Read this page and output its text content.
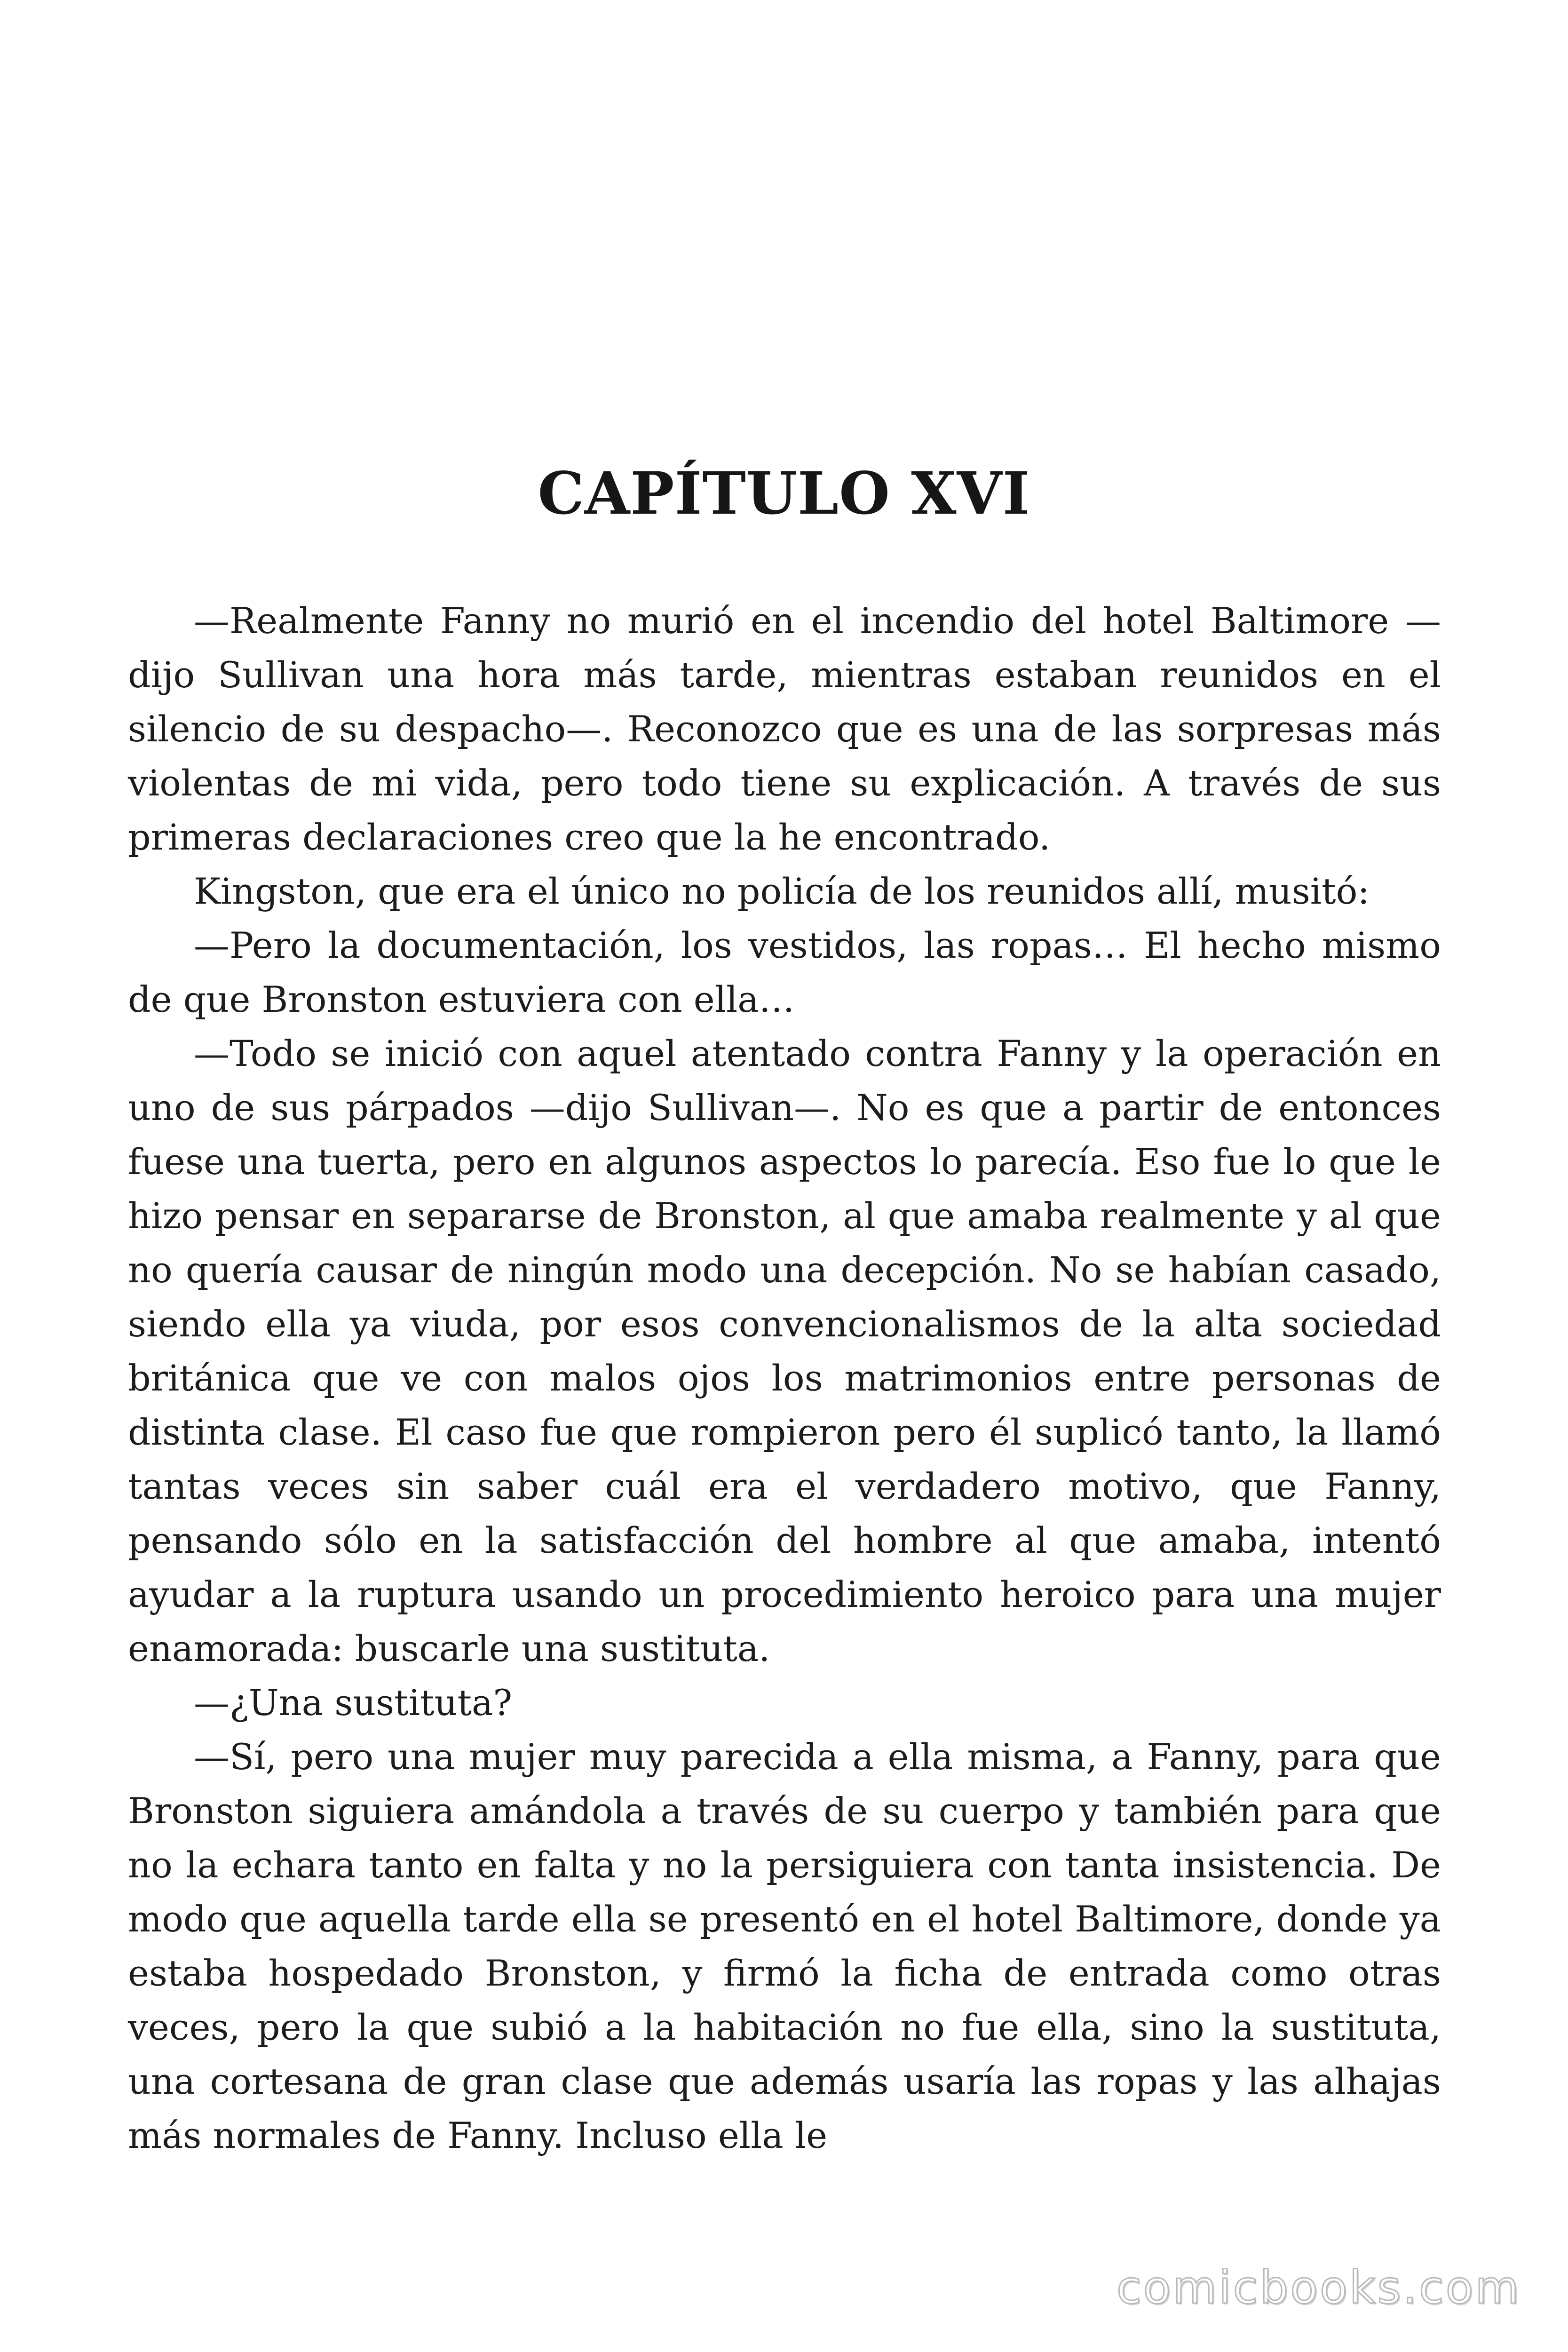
CAPÍTULO XVI

—Realmente Fanny no murió en el incendio del hotel Baltimore —dijo Sullivan una hora más tarde, mientras estaban reunidos en el silencio de su despacho—. Reconozco que es una de las sorpresas más violentas de mi vida, pero todo tiene su explicación. A través de sus primeras declaraciones creo que la he encontrado.

Kingston, que era el único no policía de los reunidos allí, musitó:

—Pero la documentación, los vestidos, las ropas… El hecho mismo de que Bronston estuviera con ella…

—Todo se inició con aquel atentado contra Fanny y la operación en uno de sus párpados —dijo Sullivan—. No es que a partir de entonces fuese una tuerta, pero en algunos aspectos lo parecía. Eso fue lo que le hizo pensar en separarse de Bronston, al que amaba realmente y al que no quería causar de ningún modo una decepción. No se habían casado, siendo ella ya viuda, por esos convencionalismos de la alta sociedad británica que ve con malos ojos los matrimonios entre personas de distinta clase. El caso fue que rompieron pero él suplicó tanto, la llamó tantas veces sin saber cuál era el verdadero motivo, que Fanny, pensando sólo en la satisfacción del hombre al que amaba, intentó ayudar a la ruptura usando un procedimiento heroico para una mujer enamorada: buscarle una sustituta.

—¿Una sustituta?

—Sí, pero una mujer muy parecida a ella misma, a Fanny, para que Bronston siguiera amándola a través de su cuerpo y también para que no la echara tanto en falta y no la persiguiera con tanta insistencia. De modo que aquella tarde ella se presentó en el hotel Baltimore, donde ya estaba hospedado Bronston, y firmó la ficha de entrada como otras veces, pero la que subió a la habitación no fue ella, sino la sustituta, una cortesana de gran clase que además usaría las ropas y las alhajas más normales de Fanny. Incluso ella le

comicbooks.com
